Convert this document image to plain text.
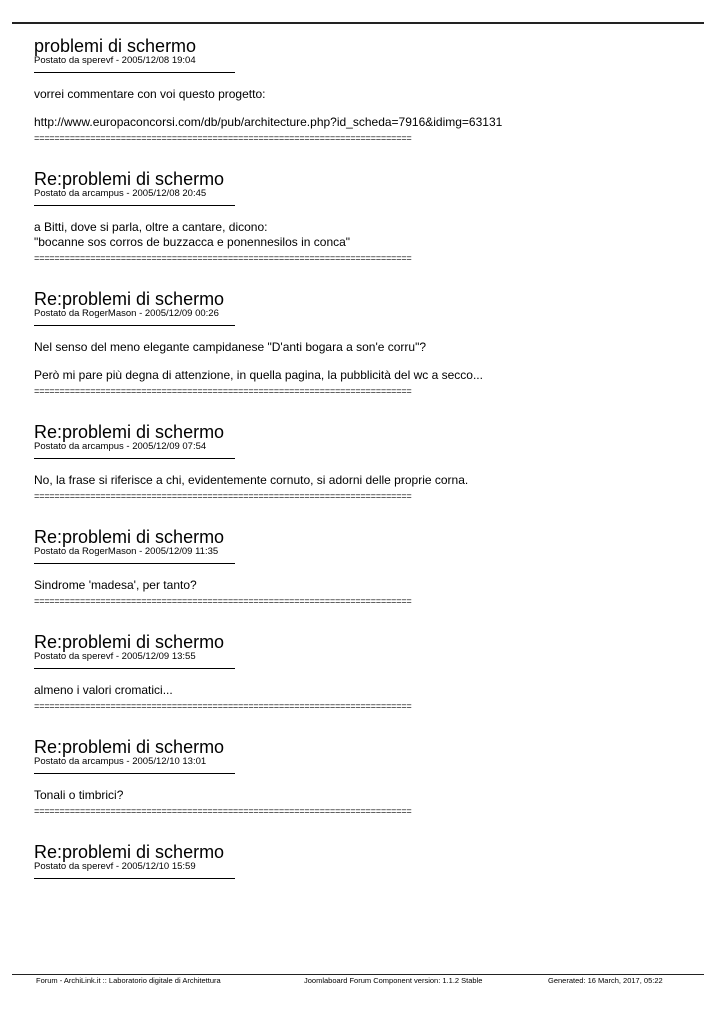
problemi di schermo
Postato da sperevf - 2005/12/08 19:04
vorrei commentare con voi questo progetto:
http://www.europaconcorsi.com/db/pub/architecture.php?id_scheda=7916&idimg=63131
==========================================================================
Re:problemi di schermo
Postato da arcampus - 2005/12/08 20:45
a Bitti, dove si parla, oltre a cantare, dicono:
"bocanne sos corros de buzzacca e ponennesilos in conca"
==========================================================================
Re:problemi di schermo
Postato da RogerMason - 2005/12/09 00:26
Nel senso del meno elegante campidanese "D'anti bogara a son'e corru"?
Però mi pare più degna di attenzione, in quella pagina, la pubblicità del wc a secco...
==========================================================================
Re:problemi di schermo
Postato da arcampus - 2005/12/09 07:54
No, la frase si riferisce a chi, evidentemente cornuto, si adorni delle proprie corna.
==========================================================================
Re:problemi di schermo
Postato da RogerMason - 2005/12/09 11:35
Sindrome 'madesa', per tanto?
==========================================================================
Re:problemi di schermo
Postato da sperevf - 2005/12/09 13:55
almeno i valori cromatici...
==========================================================================
Re:problemi di schermo
Postato da arcampus - 2005/12/10 13:01
Tonali o timbrici?
==========================================================================
Re:problemi di schermo
Postato da sperevf - 2005/12/10 15:59
Forum - ArchiLink.it :: Laboratorio digitale di Architettura	Joomlaboard Forum Component version: 1.1.2 Stable	Generated: 16 March, 2017, 05:22
